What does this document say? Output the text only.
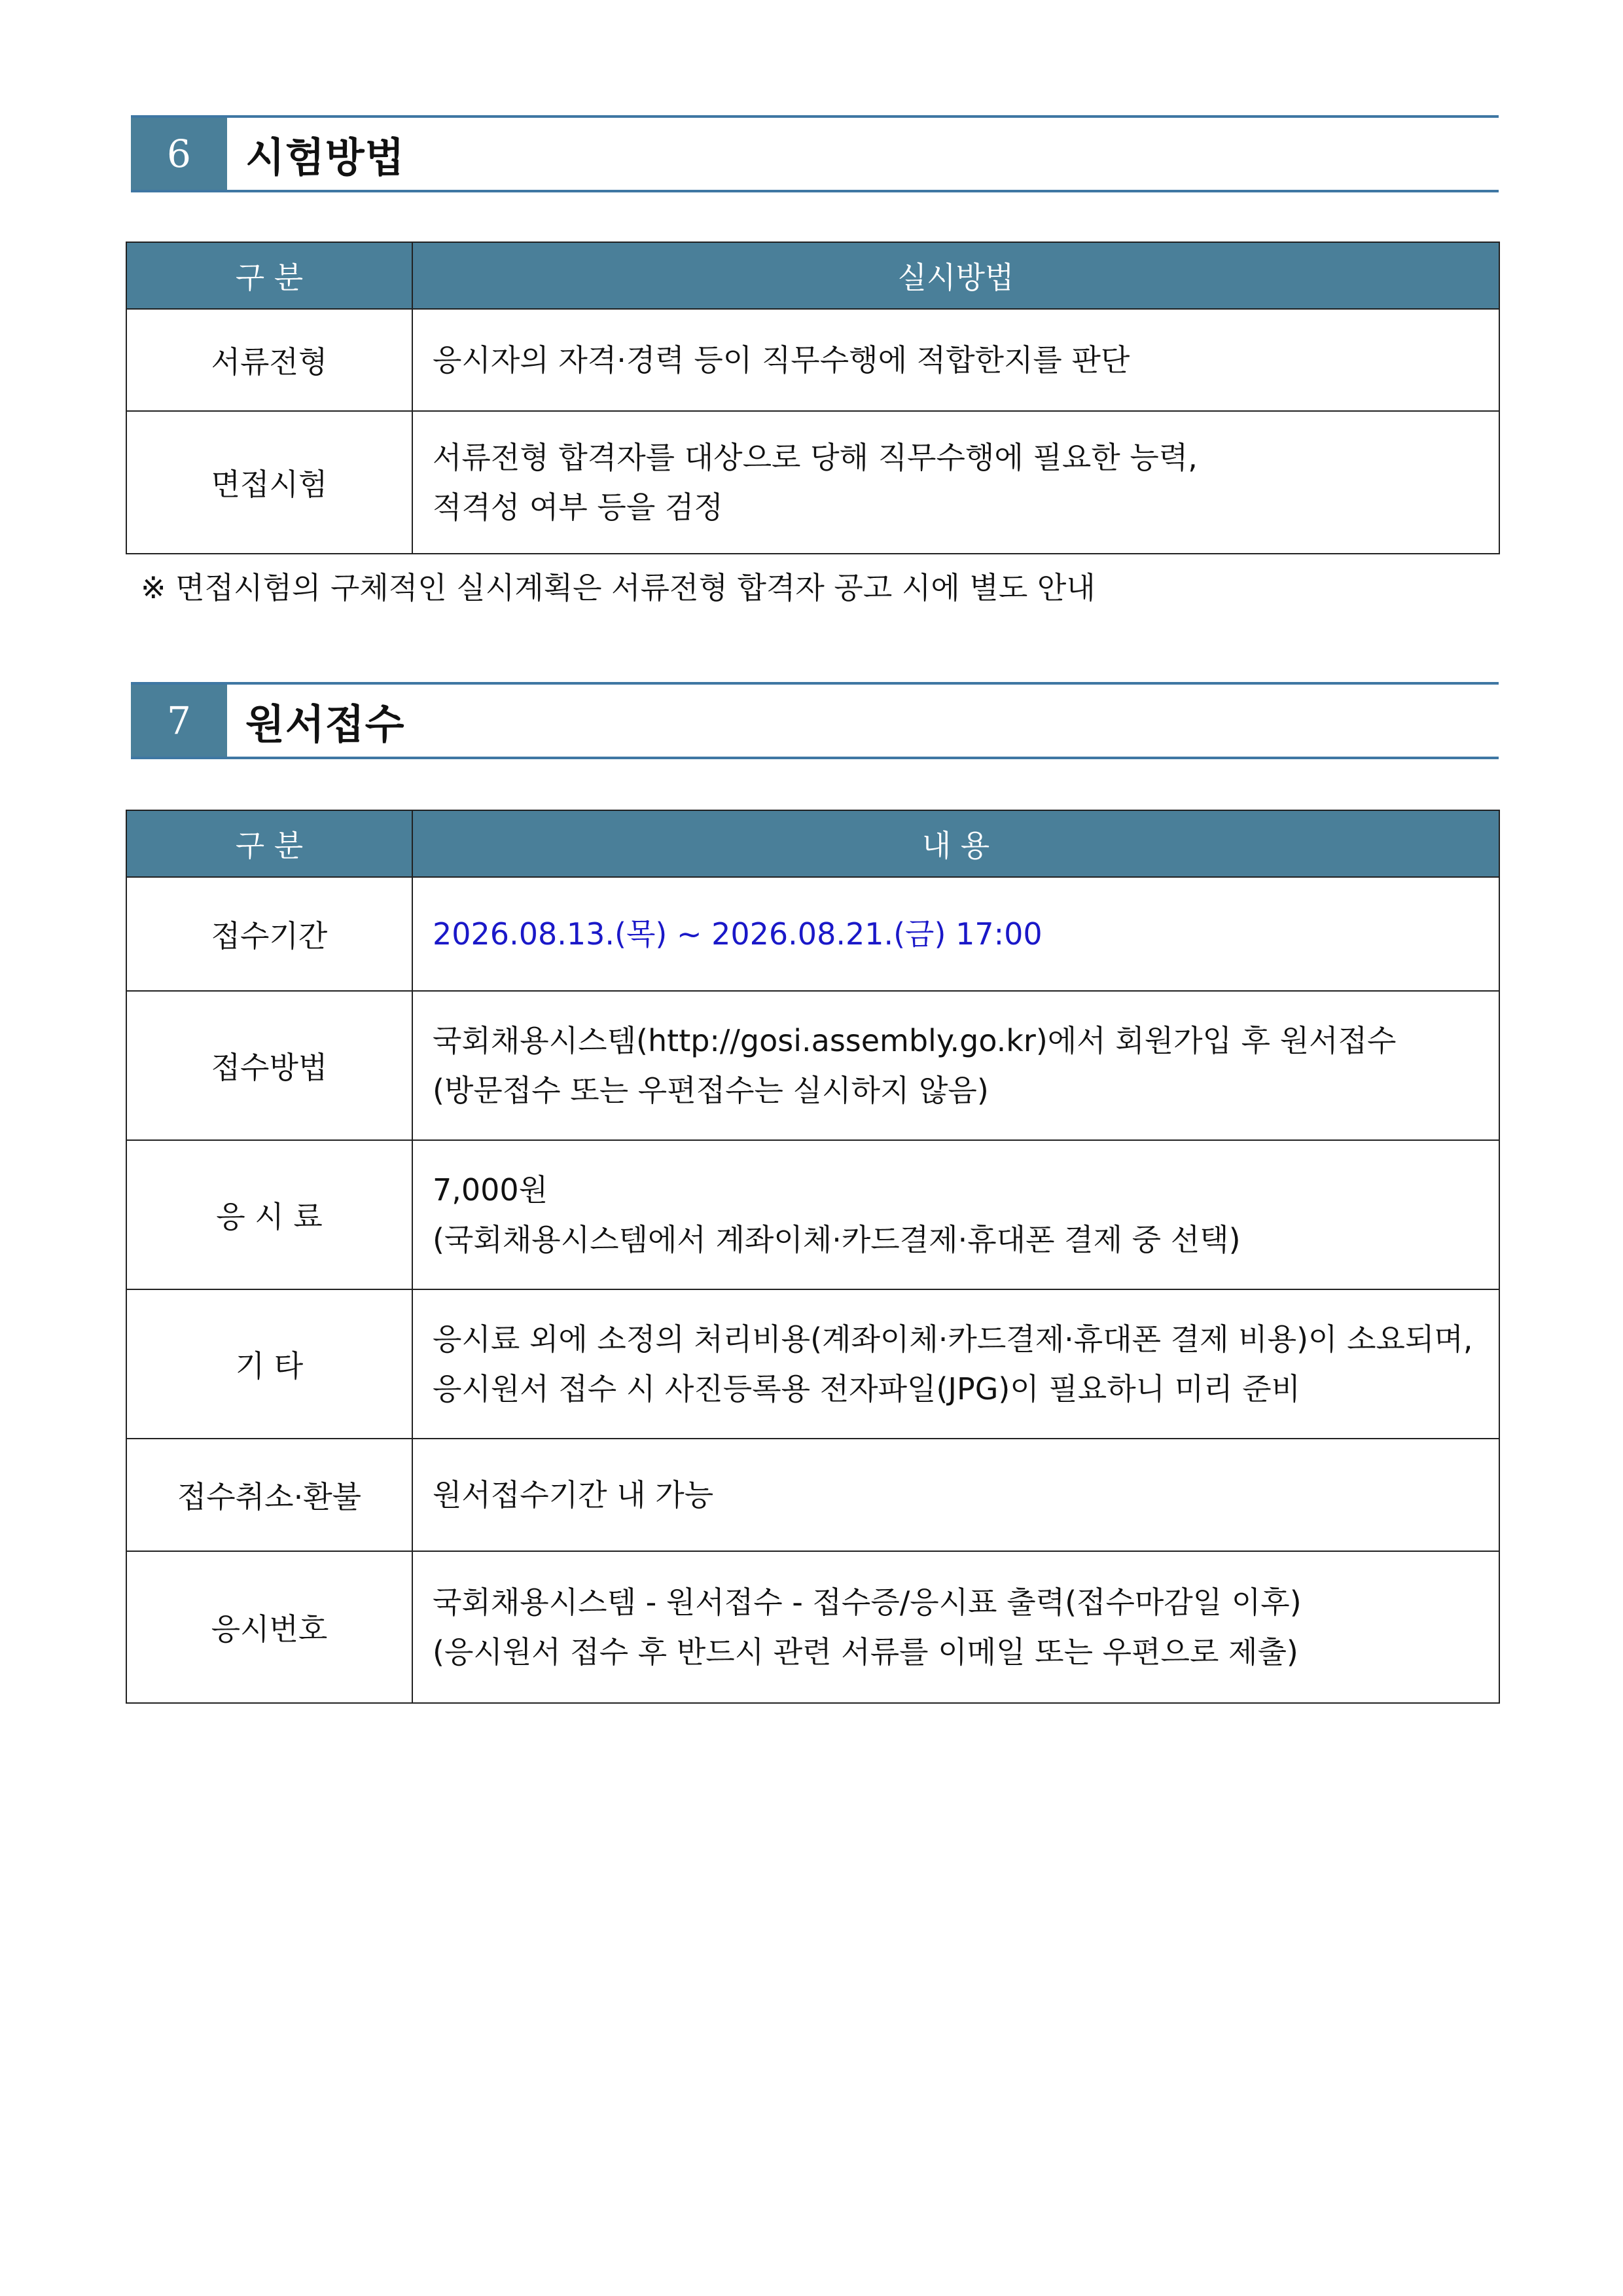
6	시험방법
구 분	실시방법
서류전형	응시자의 자격·경력 등이 직무수행에 적합한지를 판단

면접시험	서류전형 합격자를 대상으로 당해 직무수행에 필요한 능력,
적격성 여부 등을 검정
※ 면접시험의 구체적인 실시계획은 서류전형 합격자 공고 시에 별도 안내
7	원서접수
구 분	내 용
접수기간	2026.08.13.(목) ~ 2026.08.21.(금) 17:00

접수방법	국회채용시스템(http://gosi.assembly.go.kr)에서 회원가입 후 원서접수
(방문접수 또는 우편접수는 실시하지 않음)

응 시 료	7,000원
(국회채용시스템에서 계좌이체·카드결제·휴대폰 결제 중 선택)

기 타	응시료 외에 소정의 처리비용(계좌이체·카드결제·휴대폰 결제 비용)이 소요되며,
응시원서 접수 시 사진등록용 전자파일(JPG)이 필요하니 미리 준비

접수취소·환불	원서접수기간 내 가능

응시번호	국회채용시스템 - 원서접수 - 접수증/응시표 출력(접수마감일 이후)
(응시원서 접수 후 반드시 관련 서류를 이메일 또는 우편으로 제출)
